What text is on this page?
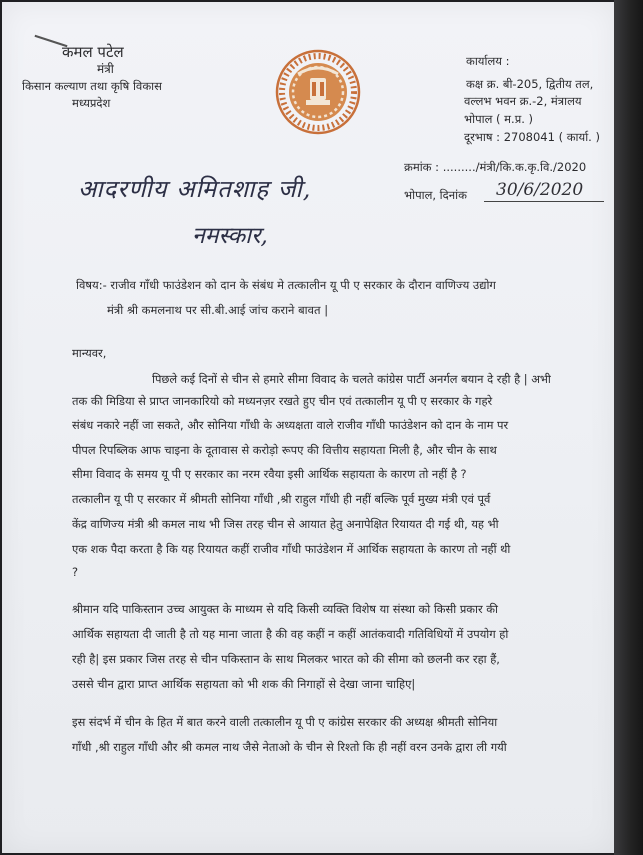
कमल पटेल
मंत्री
किसान कल्याण तथा कृषि विकास
मध्यप्रदेश
कार्यालय :
कक्ष क्र. बी-205, द्वितीय तल,
वल्लभ भवन क्र.-2, मंत्रालय
भोपाल ( म.प्र. )
दूरभाष : 2708041 ( कार्या. )
क्रमांक : ........./मंत्री/कि.क.कृ.वि./2020
आदरणीय अमितशाह जी,	भोपाल, दिनांक 30/6/2020
नमस्कार,
विषय:- राजीव गाँधी फाउंडेशन को दान के संबंध मे तत्कालीन यू पी ए सरकार के दौरान वाणिज्य उद्योग
मंत्री श्री कमलनाथ पर सी.बी.आई जांच कराने बावत |
मान्यवर,
पिछले कई दिनों से चीन से हमारे सीमा विवाद के चलते कांग्रेस पार्टी अनर्गल बयान दे रही है | अभी
तक की मिडिया से प्राप्त जानकारियो को मध्यनज़र रखते हुए चीन एवं तत्कालीन यू पी ए सरकार के गहरे
संबंध नकारे नहीं जा सकते, और सोनिया गाँधी के अध्यक्षता वाले राजीव गाँधी फाउंडेशन को दान के नाम पर
पीपल रिपब्लिक आफ चाइना के दूतावास से करोड़ो रूपए की वित्तीय सहायता मिली है, और चीन के साथ
सीमा विवाद के समय यू पी ए सरकार का नरम रवैया इसी आर्थिक सहायता के कारण तो नहीं है ?
तत्कालीन यू पी ए सरकार में श्रीमती सोनिया गाँधी ,श्री राहुल गाँधी ही नहीं बल्कि पूर्व मुख्य मंत्री एवं पूर्व
केंद्र वाणिज्य मंत्री श्री कमल नाथ भी जिस तरह चीन से आयात हेतु अनापेक्षित रियायत दी गई थी, यह भी
एक शक पैदा करता है कि यह रियायत कहीं राजीव गाँधी फाउंडेशन में आर्थिक सहायता के कारण तो नहीं थी
?
श्रीमान यदि पाकिस्तान उच्च आयुक्त के माध्यम से यदि किसी व्यक्ति विशेष या संस्था को किसी प्रकार की
आर्थिक सहायता दी जाती है तो यह माना जाता है की वह कहीं न कहीं आतंकवादी गतिविधियों में उपयोग हो
रही है| इस प्रकार जिस तरह से चीन पकिस्तान के साथ मिलकर भारत को की सीमा को छलनी कर रहा हैं,
उससे चीन द्वारा प्राप्त आर्थिक सहायता को भी शक की निगाहों से देखा जाना चाहिए|
इस संदर्भ में चीन के हित में बात करने वाली तत्कालीन यू पी ए कांग्रेस सरकार की अध्यक्ष श्रीमती सोनिया
गाँधी ,श्री राहुल गाँधी और श्री कमल नाथ जैसे नेताओ के चीन से रिश्तो कि ही नहीं वरन उनके द्वारा ली गयी
